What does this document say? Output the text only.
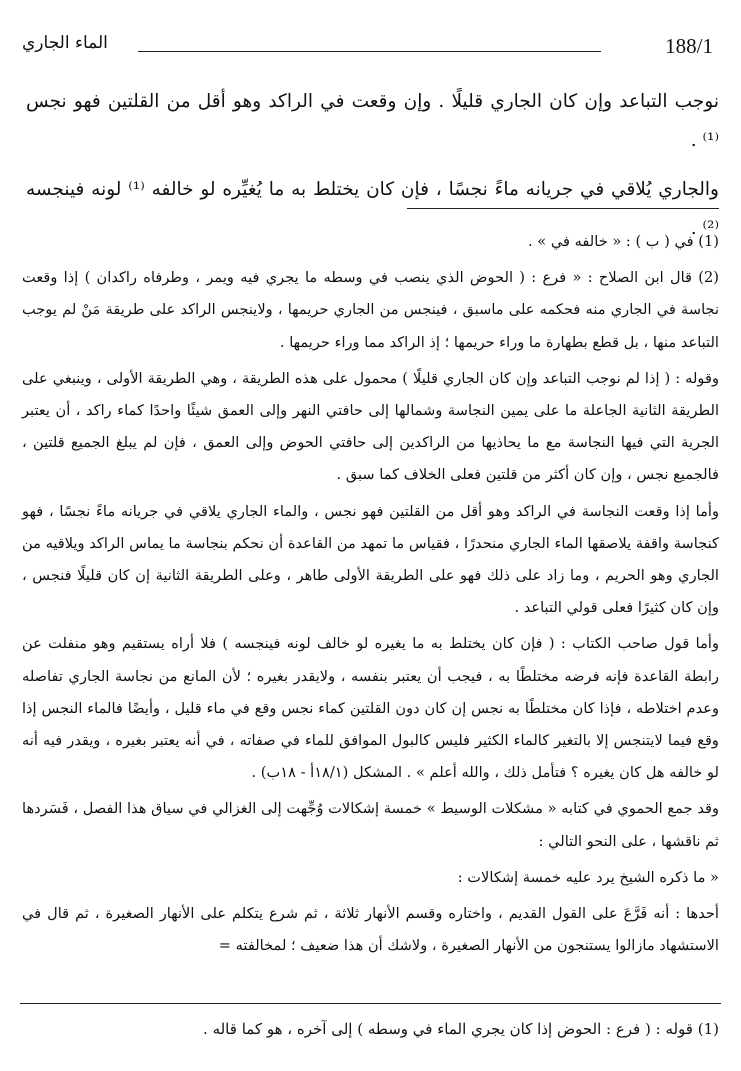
188/1
الماء الجاري

نوجب التباعد وإن كان الجاري قليلًا . وإن وقعت في الراكد وهو أقل من القلتين فهو نجس ⁽¹⁾ .

والجاري يُلاقي في جريانه ماءً نجسًا ، فإن كان يختلط به ما يُغيِّره لو خالفه ⁽¹⁾ لونه فينجسه ⁽²⁾ .

(1) في ( ب ) : « خالفه في » .

(2) قال ابن الصلاح : « فرع : ( الحوض الذي ينصب في وسطه ما يجري فيه ويمر ، وطرفاه راكدان ) إذا وقعت نجاسة في الجاري منه فحكمه على ماسبق ، فينجس من الجاري حريمها ، ولاينجس الراكد على طريقة مَنْ لم يوجب التباعد منها ، بل قطع بطهارة ما وراء حريمها ؛ إذ الراكد مما وراء حريمها .

وقوله : ( إذا لم نوجب التباعد وإن كان الجاري قليلًا ) محمول على هذه الطريقة ، وهي الطريقة الأولى ، وينبغي على الطريقة الثانية الجاعلة ما على يمين النجاسة وشمالها إلى حافتي النهر وإلى العمق شيئًا واحدًا كماء راكد ، أن يعتبر الجرية التي فيها النجاسة مع ما يحاذيها من الراكدين إلى حافتي الحوض وإلى العمق ، فإن لم يبلغ الجميع قلتين ، فالجميع نجس ، وإن كان أكثر من قلتين فعلى الخلاف كما سبق .

وأما إذا وقعت النجاسة في الراكد وهو أقل من القلتين فهو نجس ، والماء الجاري يلاقي في جريانه ماءً نجسًا ، فهو كنجاسة واقفة يلاصقها الماء الجاري منحدرًا ، فقياس ما تمهد من القاعدة أن نحكم بنجاسة ما يماس الراكد ويلاقيه من الجاري وهو الحريم ، وما زاد على ذلك فهو على الطريقة الأولى طاهر ، وعلى الطريقة الثانية إن كان قليلًا فنجس ، وإن كان كثيرًا فعلى قولي التباعد .

وأما قول صاحب الكتاب : ( فإن كان يختلط به ما يغيره لو خالف لونه فينجسه ) فلا أراه يستقيم وهو منفلت عن رابطة القاعدة فإنه فرضه مختلطًا به ، فيجب أن يعتبر بنفسه ، ولايقدر بغيره ؛ لأن المانع من نجاسة الجاري تفاصله وعدم اختلاطه ، فإذا كان مختلطًا به نجس إن كان دون القلتين كماء نجس وقع في ماء قليل ، وأيضًا فالماء النجس إذا وقع فيما لايتنجس إلا بالتغير كالماء الكثير فليس كالبول الموافق للماء في صفاته ، في أنه يعتبر بغيره ، ويقدر فيه أنه لو خالفه هل كان يغيره ؟ فتأمل ذلك ، والله أعلم » . المشكل (١٨/١أ - ١٨ب) .

وقد جمع الحموي في كتابه « مشكلات الوسيط » خمسة إشكالات وُجِّهت إلى الغزالي في سياق هذا الفصل ، فَسَردها ثم ناقشها ، على النحو التالي :

« ما ذكره الشيخ يرد عليه خمسة إشكالات :

أحدها : أنه فَرَّعَ على القول القديم ، واختاره وقسم الأنهار ثلاثة ، ثم شرع يتكلم على الأنهار الصغيرة ، ثم قال في الاستشهاد مازالوا يستنجون من الأنهار الصغيرة ، ولاشك أن هذا ضعيف ؛ لمخالفته =

(1) قوله : ( فرع : الحوض إذا كان يجري الماء في وسطه ) إلى آخره ، هو كما قاله .
